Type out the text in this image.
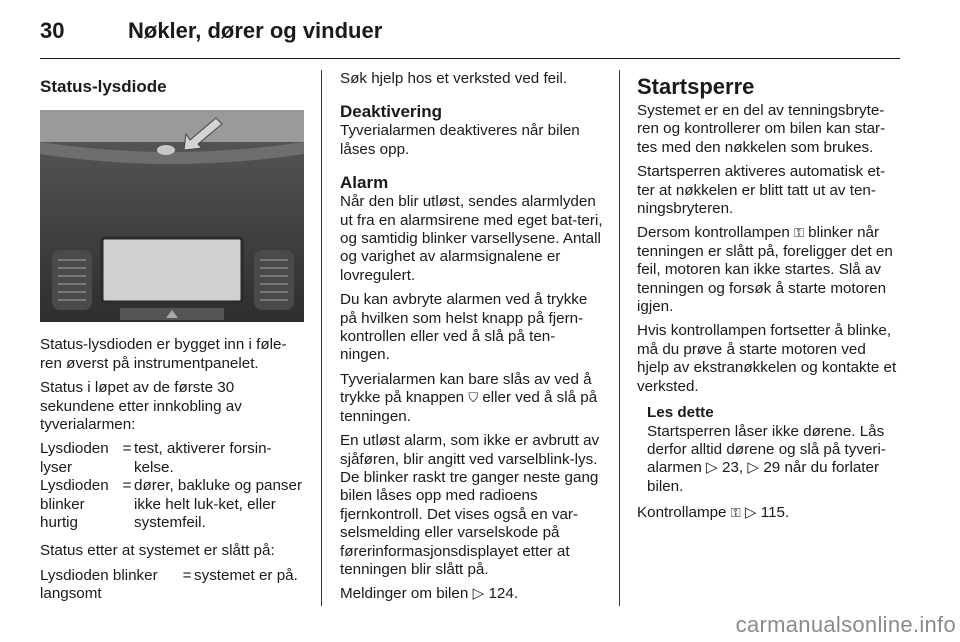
30	Nøkler, dører og vinduer
Status-lysdiode

Status-lysdioden er bygget inn i føle-ren øverst på instrumentpanelet.

Status i løpet av de første 30 sekundene etter innkobling av tyverialarmen:

Lysdioden lyser
= test, aktiverer forsin-kelse.
Lysdioden blinker hurtig
= dører, bakluke og panser ikke helt luk-ket, eller systemfeil.

Status etter at systemet er slått på:

Lysdioden blinker langsomt
= systemet er på.

Søk hjelp hos et verksted ved feil.

Deaktivering

Tyverialarmen deaktiveres når bilen låses opp.

Alarm

Når den blir utløst, sendes alarmlyden ut fra en alarmsirene med eget bat-teri, og samtidig blinker varsellysene. Antall og varighet av alarmsignalene er lovregulert.

Du kan avbryte alarmen ved å trykke på hvilken som helst knapp på fjern-kontrollen eller ved å slå på ten-ningen.

Tyverialarmen kan bare slås av ved å trykke på knappen ⛉ eller ved å slå på tenningen.

En utløst alarm, som ikke er avbrutt av sjåføren, blir angitt ved varselblink-lys. De blinker raskt tre ganger neste gang bilen låses opp med radioens fjernkontroll. Det vises også en var-selsmelding eller varselskode på førerinformasjonsdisplayet etter at tenningen blir slått på.

Meldinger om bilen ▷ 124.

Startsperre

Systemet er en del av tenningsbryte-ren og kontrollerer om bilen kan star-tes med den nøkkelen som brukes.

Startsperren aktiveres automatisk et-ter at nøkkelen er blitt tatt ut av ten-ningsbryteren.

Dersom kontrollampen ⚿ blinker når tenningen er slått på, foreligger det en feil, motoren kan ikke startes. Slå av tenningen og forsøk å starte motoren igjen.

Hvis kontrollampen fortsetter å blinke, må du prøve å starte motoren ved hjelp av ekstranøkkelen og kontakte et verksted.

Les dette
Startsperren låser ikke dørene. Lås derfor alltid dørene og slå på tyveri-alarmen ▷ 23, ▷ 29 når du forlater bilen.

Kontrollampe ⚿ ▷ 115.

carmanualsonline.info
